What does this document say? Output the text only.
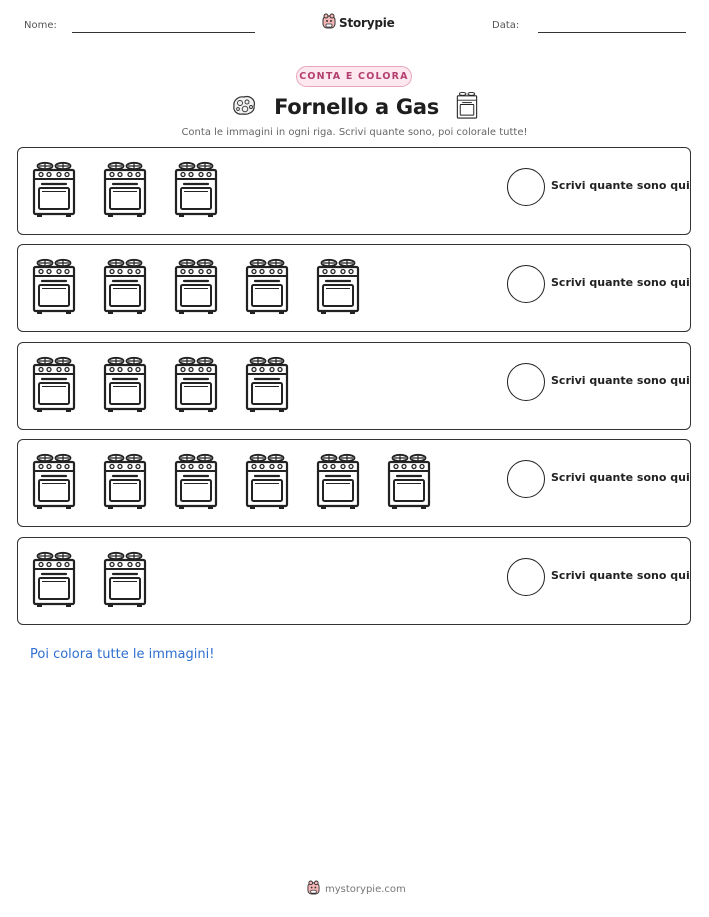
Nome:	Storypie	Data:
CONTA E COLORA
Fornello a Gas
Conta le immagini in ogni riga. Scrivi quante sono, poi colorale tutte!
Scrivi quante sono qui
Scrivi quante sono qui
Scrivi quante sono qui
Scrivi quante sono qui
Scrivi quante sono qui
Poi colora tutte le immagini!
mystorypie.com
